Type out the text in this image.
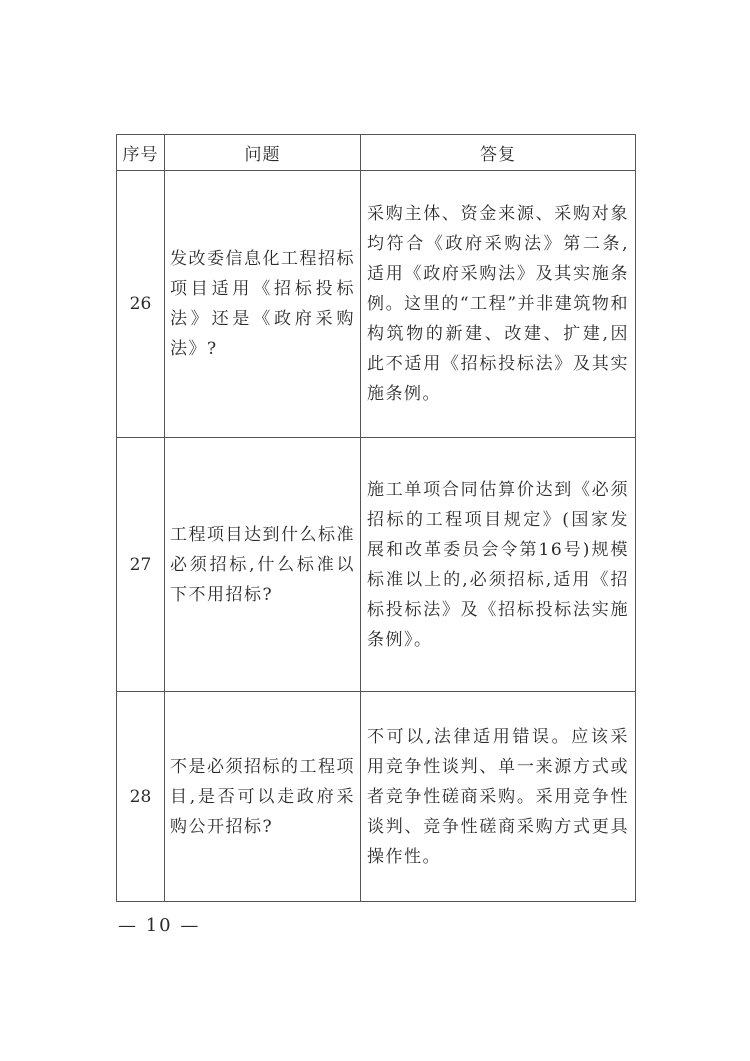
序号	问题	答复
26	发改委信息化工程招标项目适用《招标投标法》还是《政府采购法》?	采购主体、资金来源、采购对象均符合《政府采购法》第二条,适用《政府采购法》及其实施条例。这里的“工程”并非建筑物和构筑物的新建、改建、扩建,因此不适用《招标投标法》及其实施条例。
27	工程项目达到什么标准必须招标,什么标准以下不用招标?	施工单项合同估算价达到《必须招标的工程项目规定》(国家发展和改革委员会令第16号)规模标准以上的,必须招标,适用《招标投标法》及《招标投标法实施条例》。
28	不是必须招标的工程项目,是否可以走政府采购公开招标?	不可以,法律适用错误。应该采用竞争性谈判、单一来源方式或者竞争性磋商采购。采用竞争性谈判、竞争性磋商采购方式更具操作性。
— 10 —
